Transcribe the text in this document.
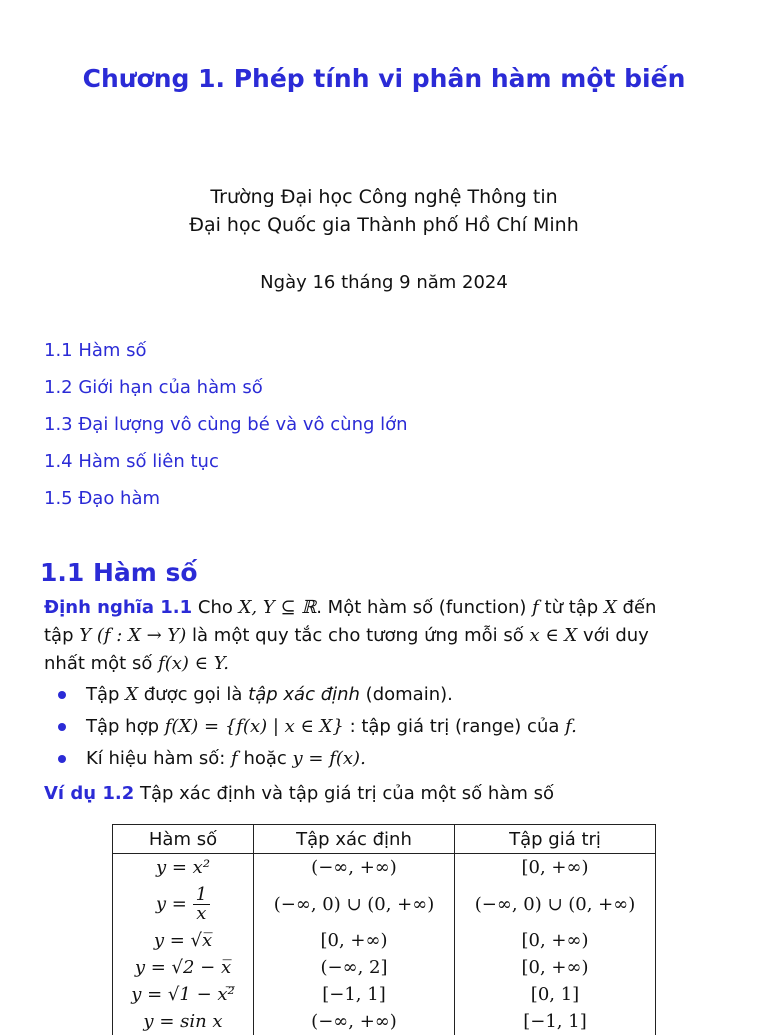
Chương 1. Phép tính vi phân hàm một biến
Trường Đại học Công nghệ Thông tin
Đại học Quốc gia Thành phố Hồ Chí Minh
Ngày 16 tháng 9 năm 2024
1.1 Hàm số
1.2 Giới hạn của hàm số
1.3 Đại lượng vô cùng bé và vô cùng lớn
1.4 Hàm số liên tục
1.5 Đạo hàm
1.1 Hàm số
Định nghĩa 1.1 Cho X, Y ⊆ ℝ. Một hàm số (function) f từ tập X đến
tập Y (f : X → Y) là một quy tắc cho tương ứng mỗi số x ∈ X với duy
nhất một số f(x) ∈ Y.
Tập X được gọi là tập xác định (domain).
Tập hợp f(X) = {f(x) | x ∈ X} : tập giá trị (range) của f.
Kí hiệu hàm số: f hoặc y = f(x).
Ví dụ 1.2 Tập xác định và tập giá trị của một số hàm số
Hàm số	Tập xác định	Tập giá trị
y = x²	(−∞, +∞)	[0, +∞)
$y = \frac{1}{x}$	(−∞, 0) ∪ (0, +∞)	(−∞, 0) ∪ (0, +∞)
y = √x̅	[0, +∞)	[0, +∞)
y = √2 − x̅	(−∞, 2]	[0, +∞)
y = √1 − x²̅	[−1, 1]	[0, 1]
y = sin x	(−∞, +∞)	[−1, 1]
